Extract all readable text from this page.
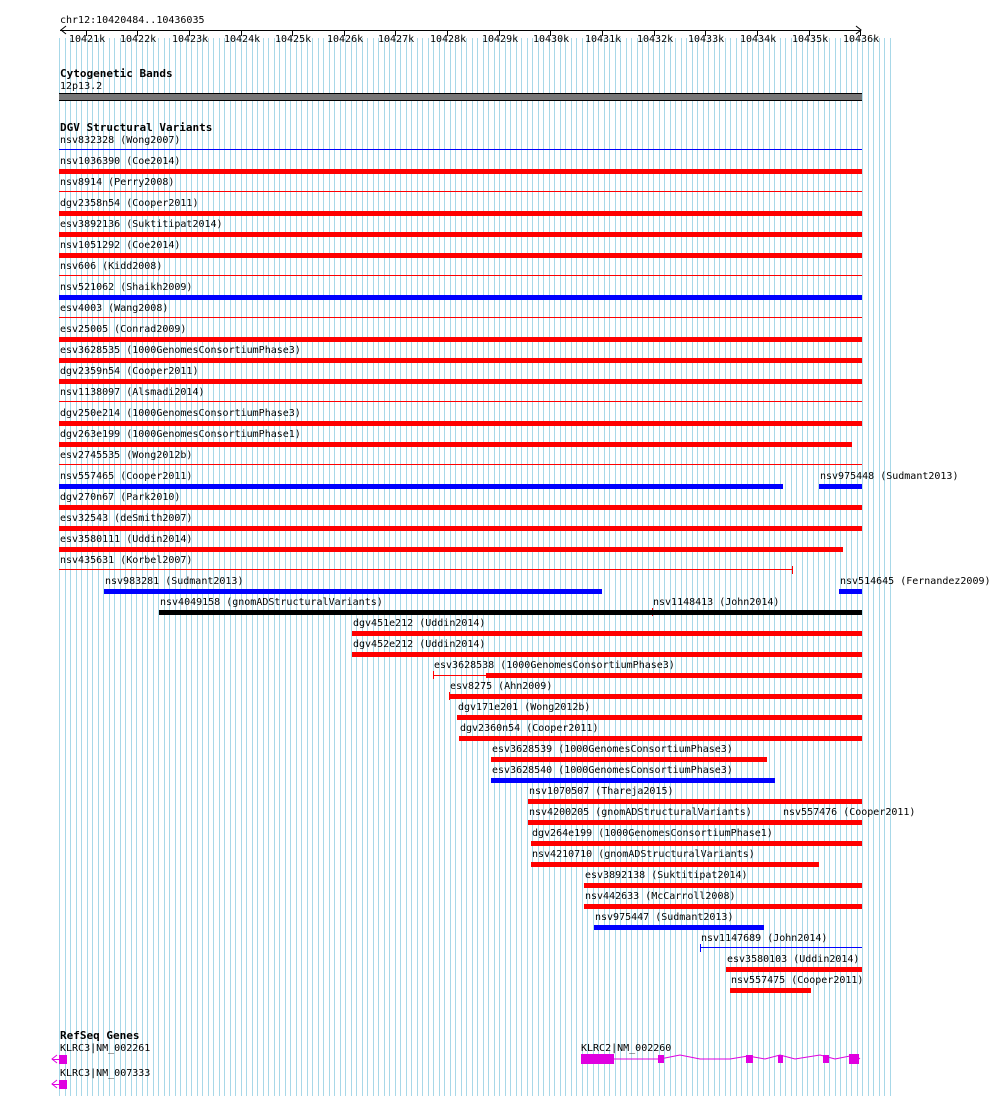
chr12:10420484..10436035
10421k 10422k 10423k 10424k 10425k 10426k 10427k 10428k 10429k 10430k 10431k 10432k 10433k 10434k 10435k 10436k
Cytogenetic Bands
12p13.2
DGV Structural Variants
nsv832328 (Wong2007)
nsv1036390 (Coe2014)
nsv8914 (Perry2008)
dgv2358n54 (Cooper2011)
esv3892136 (Suktitipat2014)
nsv1051292 (Coe2014)
nsv606 (Kidd2008)
nsv521062 (Shaikh2009)
esv4003 (Wang2008)
esv25005 (Conrad2009)
esv3628535 (1000GenomesConsortiumPhase3)
dgv2359n54 (Cooper2011)
nsv1138097 (Alsmadi2014)
dgv250e214 (1000GenomesConsortiumPhase3)
dgv263e199 (1000GenomesConsortiumPhase1)
esv2745535 (Wong2012b)
nsv557465 (Cooper2011)	nsv975448 (Sudmant2013)
dgv270n67 (Park2010)
esv32543 (deSmith2007)
esv3580111 (Uddin2014)
nsv435631 (Korbel2007)
nsv514645 (Fernandez2009)
nsv983281 (Sudmant2013)
nsv1148413 (John2014)
nsv4049158 (gnomADStructuralVariants)
dgv451e212 (Uddin2014)
dgv452e212 (Uddin2014)
esv3628538 (1000GenomesConsortiumPhase3)
esv8275 (Ahn2009)
dgv171e201 (Wong2012b)
dgv2360n54 (Cooper2011)
esv3628539 (1000GenomesConsortiumPhase3)
nsv557476 (Cooper2011)
esv3628540 (1000GenomesConsortiumPhase3)
nsv1070507 (Thareja2015)
nsv4200205 (gnomADStructuralVariants)
dgv264e199 (1000GenomesConsortiumPhase1)
nsv4210710 (gnomADStructuralVariants)
esv3892138 (Suktitipat2014)
nsv442633 (McCarroll2008)
nsv975447 (Sudmant2013)
nsv1147689 (John2014)
esv3580103 (Uddin2014)
nsv557475 (Cooper2011)
RefSeq Genes
KLRC3|NM_002261
KLRC3|NM_007333
KLRC2|NM_002260
